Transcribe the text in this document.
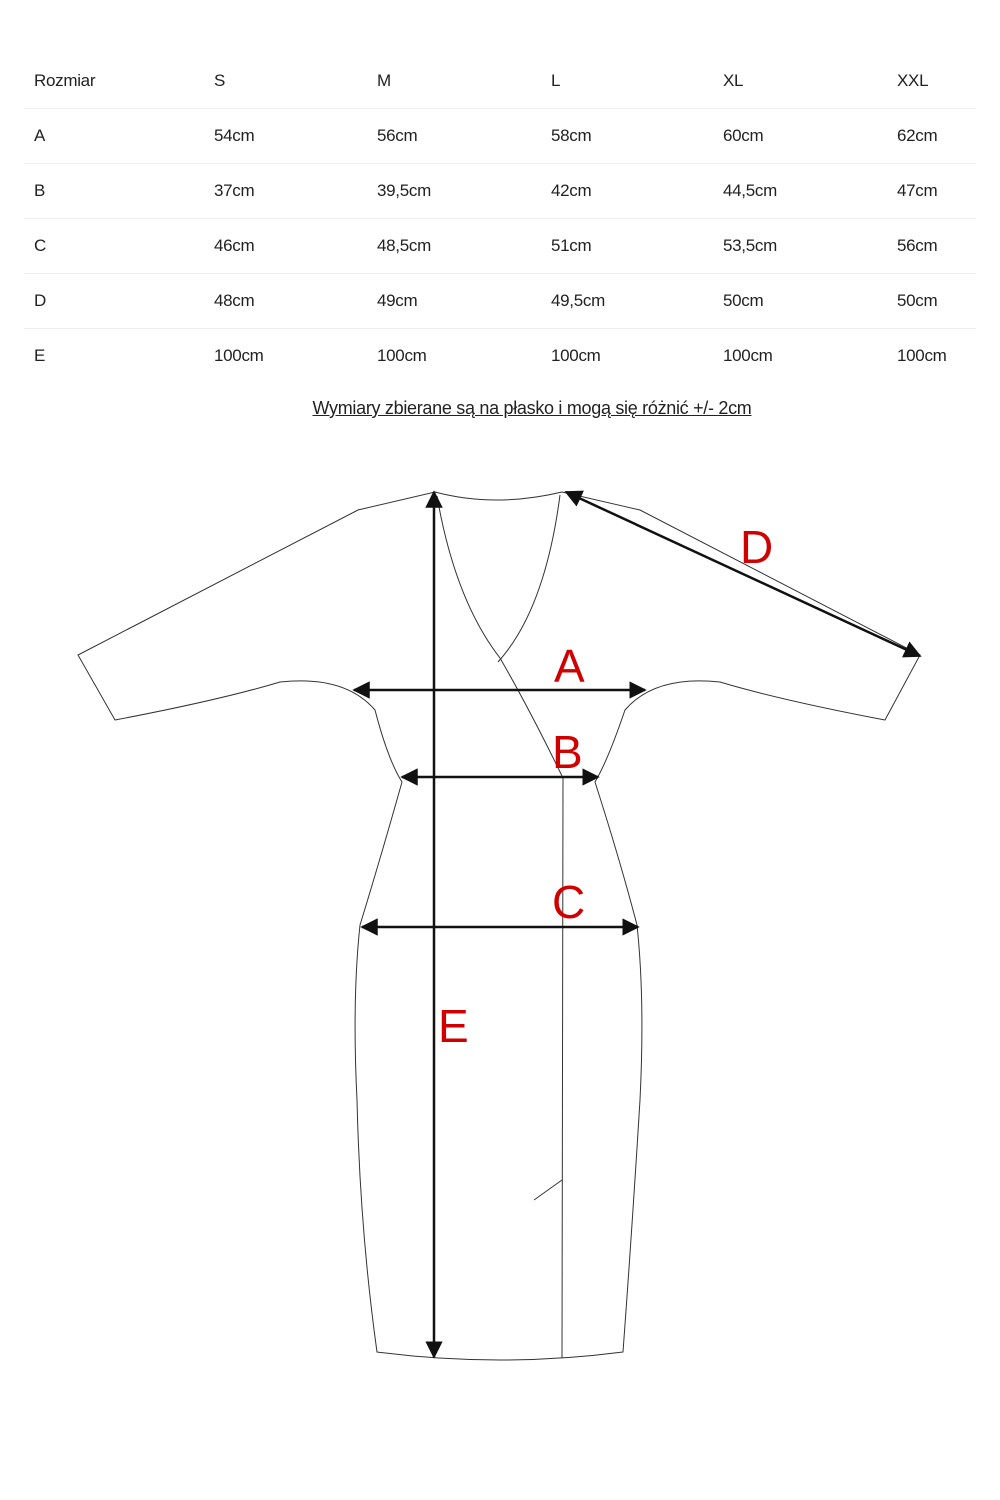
Rozmiar	S	M	L	XL	XXL
A	54cm	56cm	58cm	60cm	62cm
B	37cm	39,5cm	42cm	44,5cm	47cm
C	46cm	48,5cm	51cm	53,5cm	56cm
D	48cm	49cm	49,5cm	50cm	50cm
E	100cm	100cm	100cm	100cm	100cm
Wymiary zbierane są na płasko i mogą się różnić +/- 2cm
A
B
C
D
E
